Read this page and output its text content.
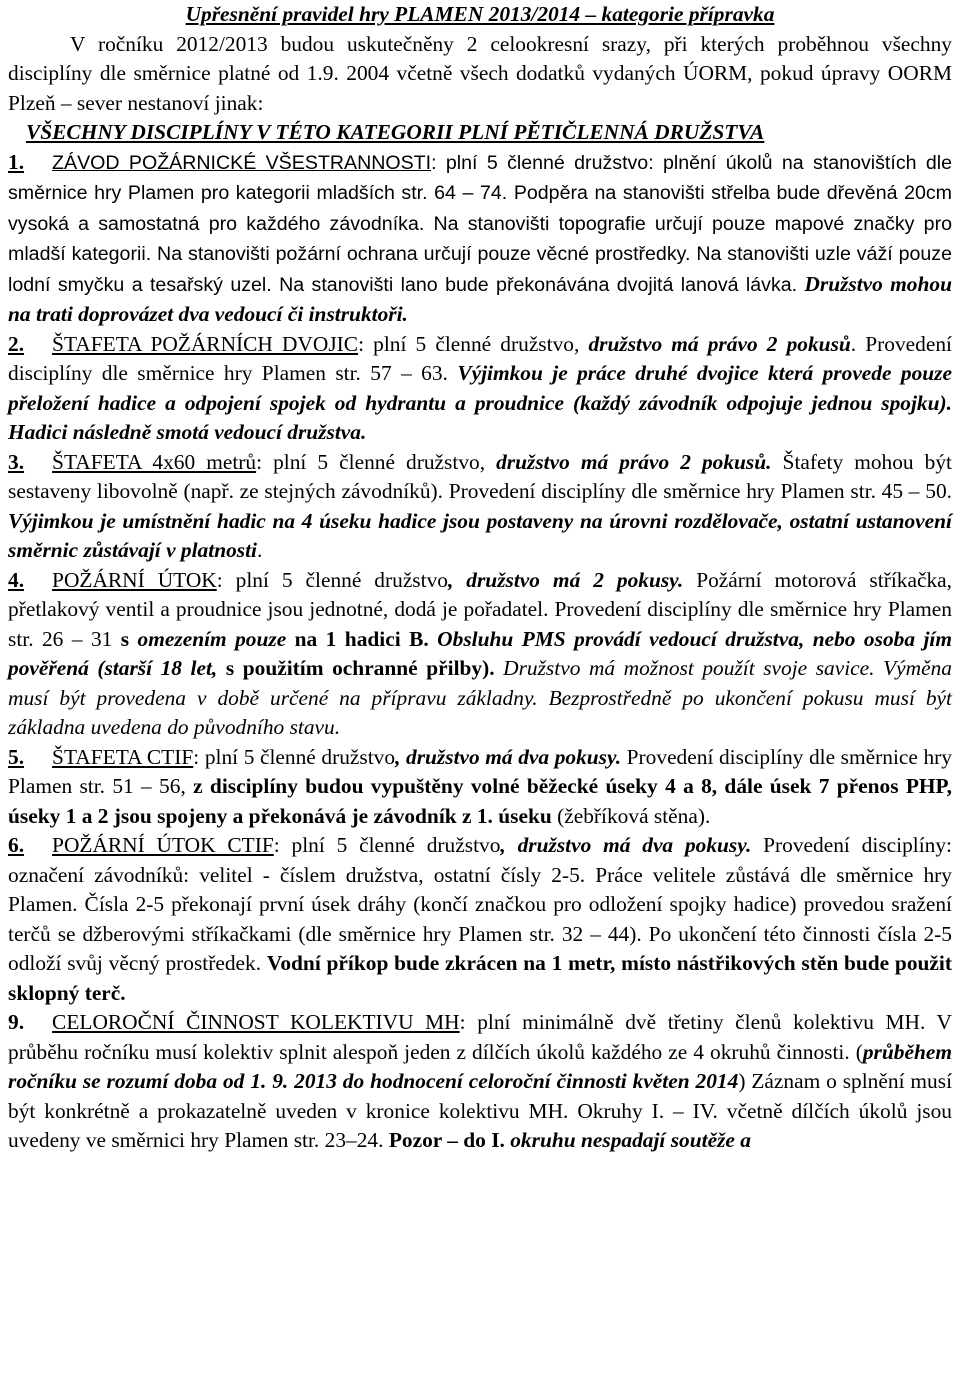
Upřesnění pravidel hry PLAMEN 2013/2014 – kategorie přípravka

V ročníku 2012/2013 budou uskutečněny 2 celookresní srazy, při kterých proběhnou všechny disciplíny dle směrnice platné od 1.9. 2004 včetně všech dodatků vydaných ÚORM, pokud úpravy OORM Plzeň – sever nestanoví jinak:

VŠECHNY DISCIPLÍNY V TÉTO KATEGORII PLNÍ PĚTIČLENNÁ DRUŽSTVA

1. ZÁVOD POŽÁRNICKÉ VŠESTRANNOSTI: plní 5 členné družstvo: plnění úkolů na stanovištích dle směrnice hry Plamen pro kategorii mladších str. 64 – 74. Podpěra na stanovišti střelba bude dřevěná 20cm vysoká a samostatná pro každého závodníka. Na stanovišti topografie určují pouze mapové značky pro mladší kategorii. Na stanovišti požární ochrana určují pouze věcné prostředky. Na stanovišti uzle váží pouze lodní smyčku a tesařský uzel. Na stanovišti lano bude překonávána dvojitá lanová lávka. Družstvo mohou na trati doprovázet dva vedoucí či instruktoři.

2. ŠTAFETA POŽÁRNÍCH DVOJIC: plní 5 členné družstvo, družstvo má právo 2 pokusů. Provedení disciplíny dle směrnice hry Plamen str. 57 – 63. Výjimkou je práce druhé dvojice která provede pouze přeložení hadice a odpojení spojek od hydrantu a proudnice (každý závodník odpojuje jednou spojku). Hadici následně smotá vedoucí družstva.

3. ŠTAFETA 4x60 metrů: plní 5 členné družstvo, družstvo má právo 2 pokusů. Štafety mohou být sestaveny libovolně (např. ze stejných závodníků). Provedení disciplíny dle směrnice hry Plamen str. 45 – 50. Výjimkou je umístnění hadic na 4 úseku hadice jsou postaveny na úrovni rozdělovače, ostatní ustanovení směrnic zůstávají v platnosti.

4. POŽÁRNÍ ÚTOK: plní 5 členné družstvo, družstvo má 2 pokusy. Požární motorová stříkačka, přetlakový ventil a proudnice jsou jednotné, dodá je pořadatel. Provedení disciplíny dle směrnice hry Plamen str. 26 – 31 s omezením pouze na 1 hadici B. Obsluhu PMS provádí vedoucí družstva, nebo osoba jím pověřená (starší 18 let, s použitím ochranné přilby). Družstvo má možnost použít svoje savice. Výměna musí být provedena v době určené na přípravu základny. Bezprostředně po ukončení pokusu musí být základna uvedena do původního stavu.

5. ŠTAFETA CTIF: plní 5 členné družstvo, družstvo má dva pokusy. Provedení disciplíny dle směrnice hry Plamen str. 51 – 56, z disciplíny budou vypuštěny volné běžecké úseky 4 a 8, dále úsek 7 přenos PHP, úseky 1 a 2 jsou spojeny a překonává je závodník z 1. úseku (žebříková stěna).

6. POŽÁRNÍ ÚTOK CTIF: plní 5 členné družstvo, družstvo má dva pokusy. Provedení disciplíny: označení závodníků: velitel - číslem družstva, ostatní čísly 2-5. Práce velitele zůstává dle směrnice hry Plamen. Čísla 2-5 překonají první úsek dráhy (končí značkou pro odložení spojky hadice) provedou sražení terčů se džberovými stříkačkami (dle směrnice hry Plamen str. 32 – 44). Po ukončení této činnosti čísla 2-5 odloží svůj věcný prostředek. Vodní příkop bude zkrácen na 1 metr, místo nástřikových stěn bude použit sklopný terč.

9. CELOROČNÍ ČINNOST KOLEKTIVU MH: plní minimálně dvě třetiny členů kolektivu MH. V průběhu ročníku musí kolektiv splnit alespoň jeden z dílčích úkolů každého ze 4 okruhů činnosti. (průběhem ročníku se rozumí doba od 1. 9. 2013 do hodnocení celoroční činnosti květen 2014) Záznam o splnění musí být konkrétně a prokazatelně uveden v kronice kolektivu MH. Okruhy I. – IV. včetně dílčích úkolů jsou uvedeny ve směrnici hry Plamen str. 23–24. Pozor – do I. okruhu nespadají soutěže a
